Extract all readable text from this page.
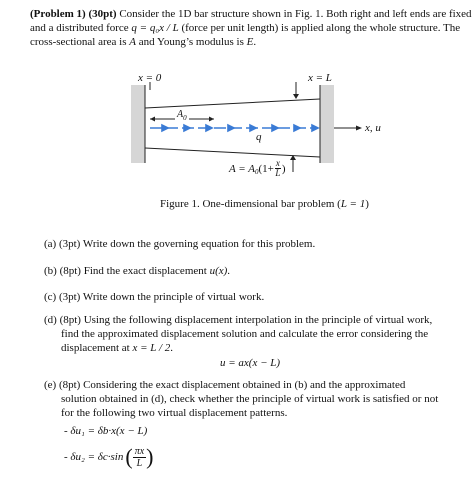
(Problem 1) (30pt) Consider the 1D bar structure shown in Fig. 1. Both right and left ends are fixed
and a distributed force q = q₀x / L (force per unit length) is applied along the whole structure. The
cross-sectional area is A and Young’s modulus is E.
x = 0	x = L
$A_0$
q
x, u
$A = A_0$ ($1+ \frac{x}{L}$ )
Figure 1. One-dimensional bar problem (L = 1)
(a) (3pt) Write down the governing equation for this problem.
(b) (8pt) Find the exact displacement u(x).
(c) (3pt) Write down the principle of virtual work.
(d) (8pt) Using the following displacement interpolation in the principle of virtual work,
find the approximated displacement solution and calculate the error considering the
displacement at x = L / 2.
u = ax(x − L)
(e) (8pt) Considering the exact displacement obtained in (b) and the approximated
solution obtained in (d), check whether the principle of virtual work is satisfied or not
for the following two virtual displacement patterns.
- δu₁ = δb·x(x − L)
- δu₂ = δc·sin ( $\frac{\pi x}{L}$ )
